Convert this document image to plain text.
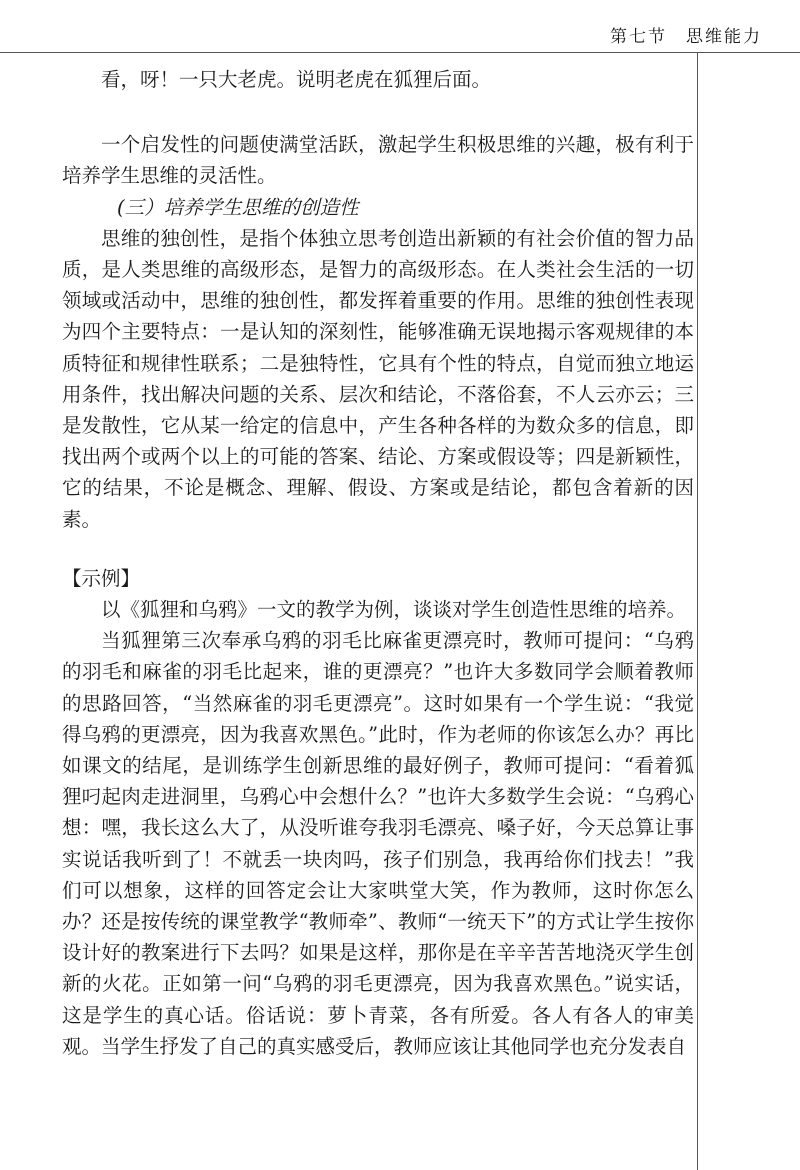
第七节　思维能力

看，呀！一只大老虎。说明老虎在狐狸后面。

一个启发性的问题使满堂活跃，激起学生积极思维的兴趣，极有利于培养学生思维的灵活性。

(三）培养学生思维的创造性

思维的独创性，是指个体独立思考创造出新颖的有社会价值的智力品质，是人类思维的高级形态，是智力的高级形态。在人类社会生活的一切领域或活动中，思维的独创性，都发挥着重要的作用。思维的独创性表现为四个主要特点：一是认知的深刻性，能够准确无误地揭示客观规律的本质特征和规律性联系；二是独特性，它具有个性的特点，自觉而独立地运用条件，找出解决问题的关系、层次和结论，不落俗套，不人云亦云；三是发散性，它从某一给定的信息中，产生各种各样的为数众多的信息，即找出两个或两个以上的可能的答案、结论、方案或假设等；四是新颖性，它的结果，不论是概念、理解、假设、方案或是结论，都包含着新的因素。

【示例】

以《狐狸和乌鸦》一文的教学为例，谈谈对学生创造性思维的培养。

当狐狸第三次奉承乌鸦的羽毛比麻雀更漂亮时，教师可提问：“乌鸦的羽毛和麻雀的羽毛比起来，谁的更漂亮？”也许大多数同学会顺着教师的思路回答，“当然麻雀的羽毛更漂亮”。这时如果有一个学生说：“我觉得乌鸦的更漂亮，因为我喜欢黑色。”此时，作为老师的你该怎么办？再比如课文的结尾，是训练学生创新思维的最好例子，教师可提问：“看着狐狸叼起肉走进洞里，乌鸦心中会想什么？”也许大多数学生会说：“乌鸦心想：嘿，我长这么大了，从没听谁夸我羽毛漂亮、嗓子好，今天总算让事实说话我听到了！不就丢一块肉吗，孩子们别急，我再给你们找去！”我们可以想象，这样的回答定会让大家哄堂大笑，作为教师，这时你怎么办？还是按传统的课堂教学“教师牵”、教师“一统天下”的方式让学生按你设计好的教案进行下去吗？如果是这样，那你是在辛辛苦苦地浇灭学生创新的火花。正如第一问“乌鸦的羽毛更漂亮，因为我喜欢黑色。”说实话，这是学生的真心话。俗话说：萝卜青菜，各有所爱。各人有各人的审美观。当学生抒发了自己的真实感受后，教师应该让其他同学也充分发表自
